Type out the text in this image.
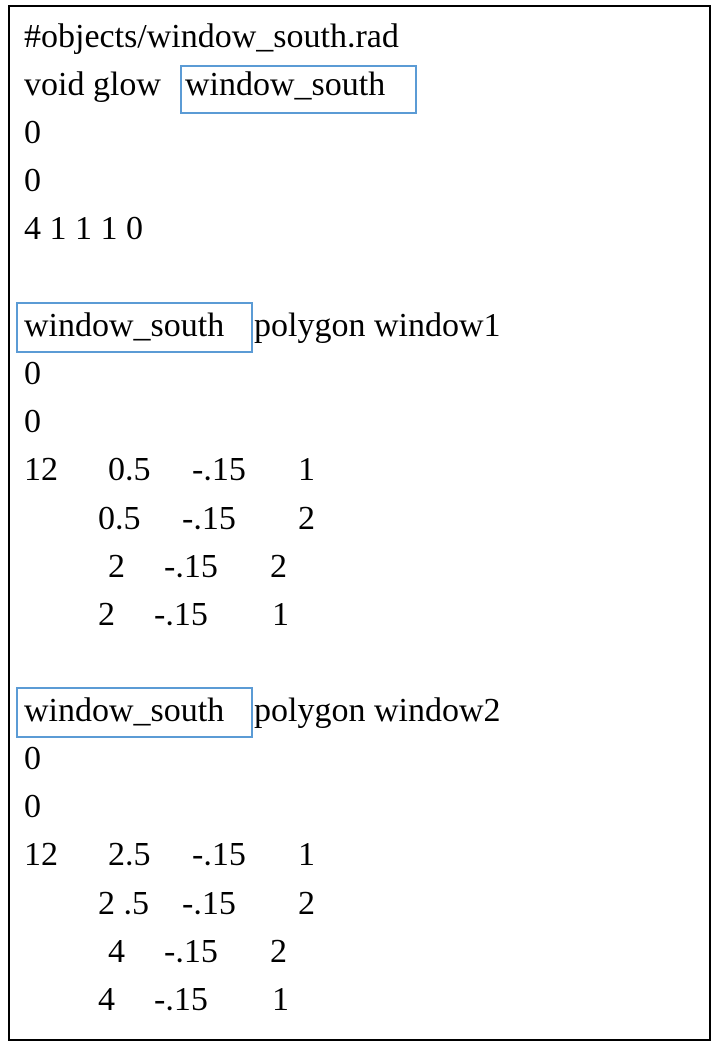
#objects/window_south.rad
void glow window_south
0
0
4 1 1 1 0
window_south polygon window1
0
0
12 0.5 -.15 1
0.5 -.15 2
2 -.15 2
2 -.15 1
window_south polygon window2
0
0
12 2.5 -.15 1
2 .5 -.15 2
4 -.15 2
4 -.15 1
